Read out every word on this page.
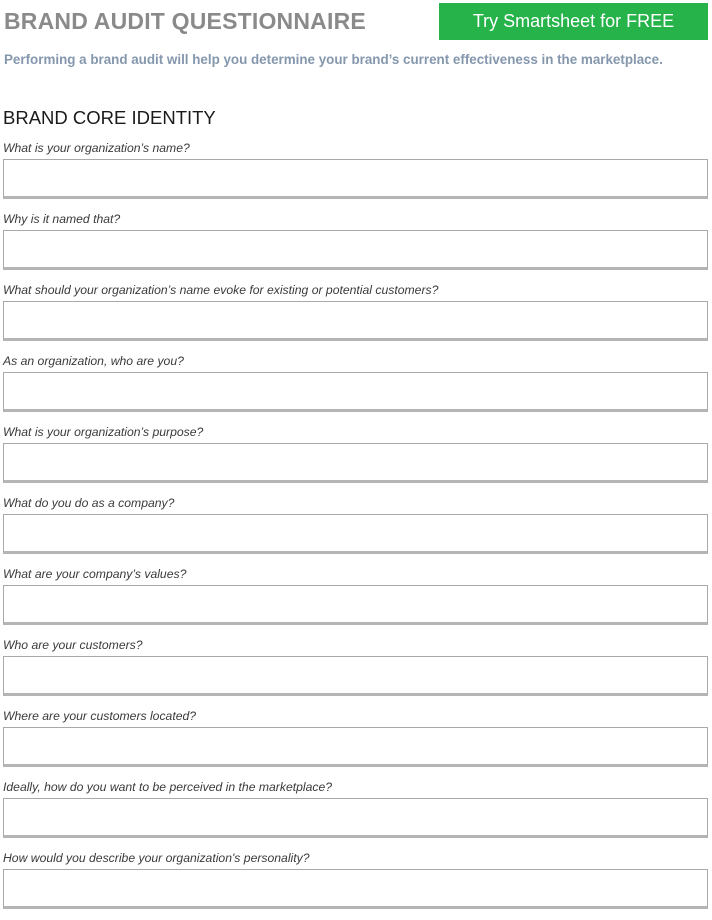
BRAND AUDIT QUESTIONNAIRE	Try Smartsheet for FREE

Performing a brand audit will help you determine your brand’s current effectiveness in the marketplace.

BRAND CORE IDENTITY
What is your organization’s name?
Why is it named that?
What should your organization’s name evoke for existing or potential customers?
As an organization, who are you?
What is your organization’s purpose?
What do you do as a company?
What are your company’s values?
Who are your customers?
Where are your customers located?
Ideally, how do you want to be perceived in the marketplace?
How would you describe your organization's personality?
